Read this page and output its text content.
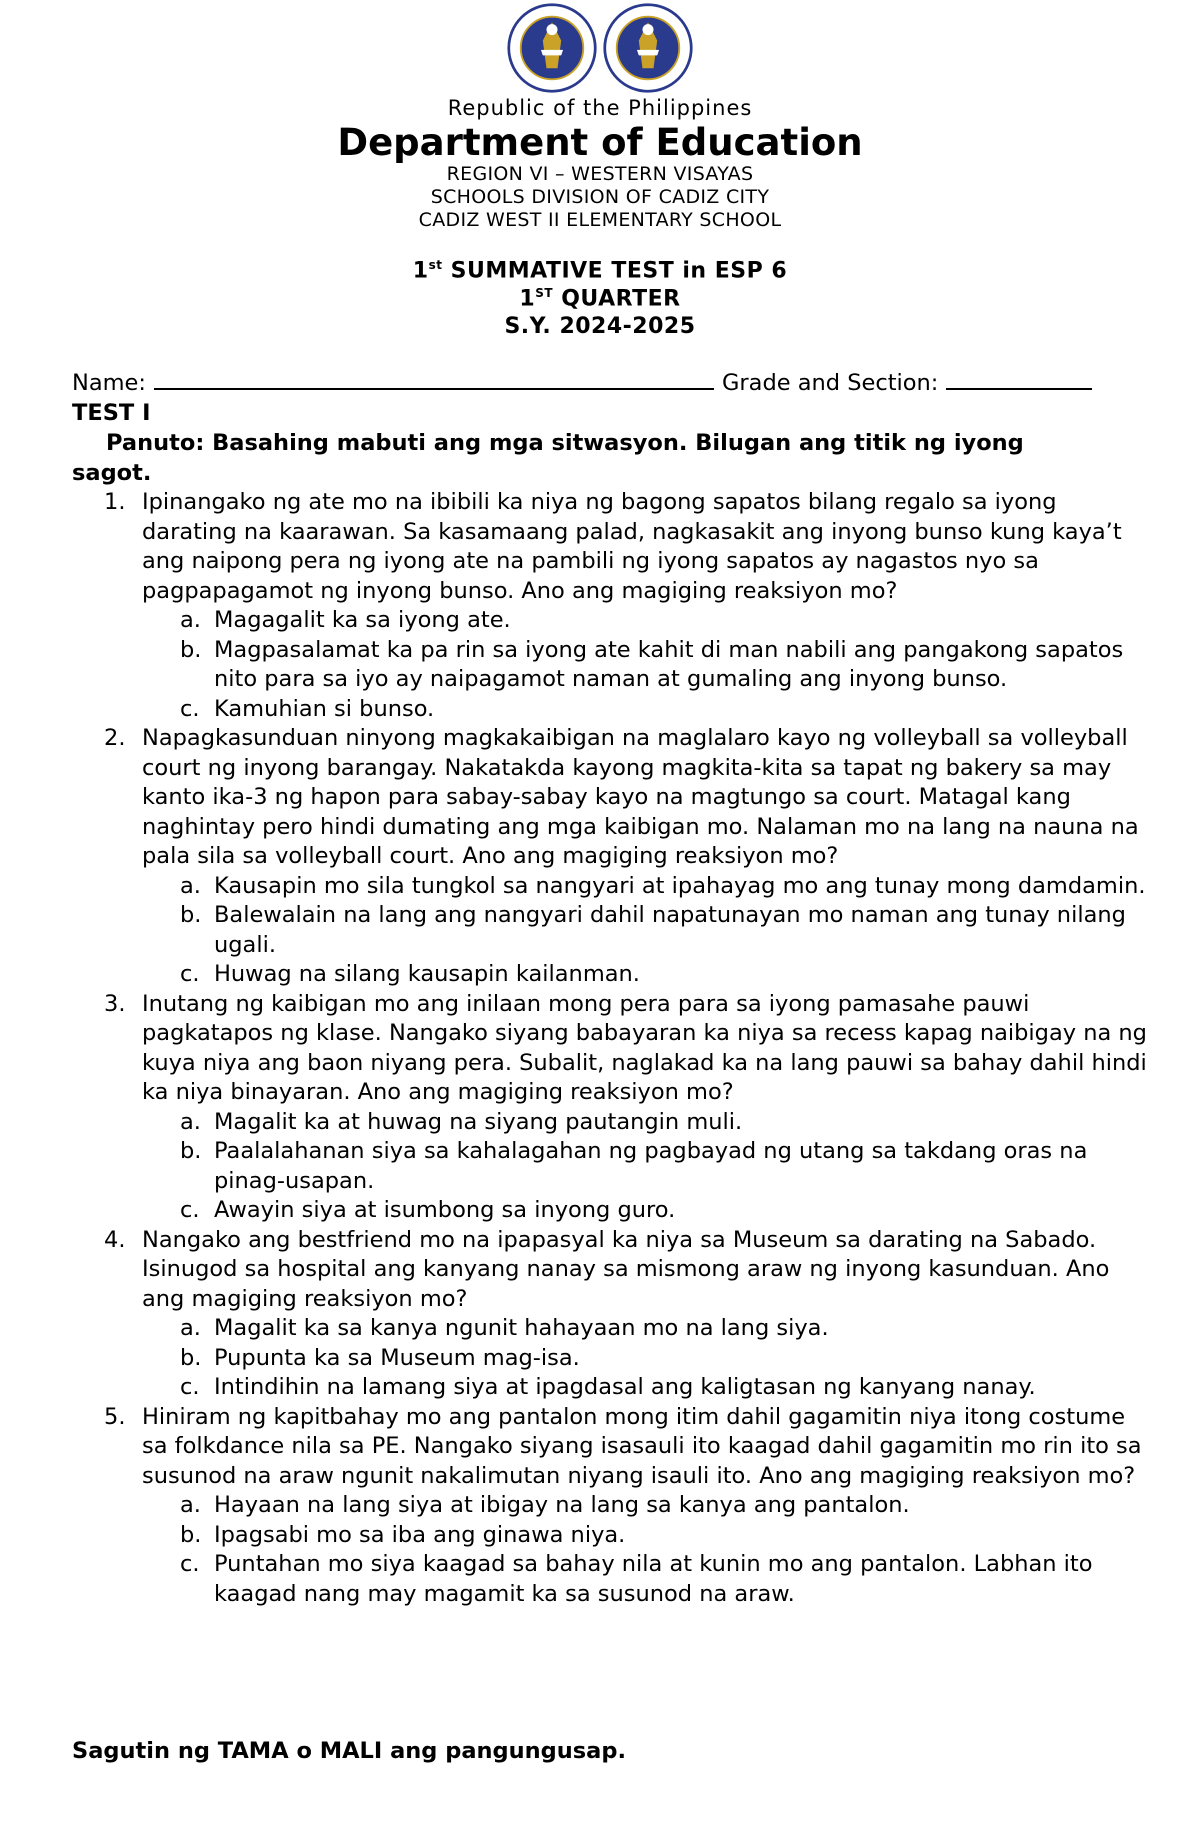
Republic of the Philippines
Department of Education
REGION VI – WESTERN VISAYAS
SCHOOLS DIVISION OF CADIZ CITY
CADIZ WEST II ELEMENTARY SCHOOL
1st SUMMATIVE TEST in ESP 6
1ST QUARTER
S.Y. 2024-2025
Name:	Grade and Section:
TEST I
Panuto: Basahing mabuti ang mga sitwasyon. Bilugan ang titik ng iyong sagot.
1. Ipinangako ng ate mo na ibibili ka niya ng bagong sapatos bilang regalo sa iyong darating na kaarawan. Sa kasamaang palad, nagkasakit ang inyong bunso kung kaya’t ang naipong pera ng iyong ate na pambili ng iyong sapatos ay nagastos nyo sa pagpapagamot ng inyong bunso. Ano ang magiging reaksiyon mo?
a. Magagalit ka sa iyong ate.
b. Magpasalamat ka pa rin sa iyong ate kahit di man nabili ang pangakong sapatos nito para sa iyo ay naipagamot naman at gumaling ang inyong bunso.
c. Kamuhian si bunso.
2. Napagkasunduan ninyong magkakaibigan na maglalaro kayo ng volleyball sa volleyball court ng inyong barangay. Nakatakda kayong magkita-kita sa tapat ng bakery sa may kanto ika-3 ng hapon para sabay-sabay kayo na magtungo sa court. Matagal kang naghintay pero hindi dumating ang mga kaibigan mo. Nalaman mo na lang na nauna na pala sila sa volleyball court. Ano ang magiging reaksiyon mo?
a. Kausapin mo sila tungkol sa nangyari at ipahayag mo ang tunay mong damdamin.
b. Balewalain na lang ang nangyari dahil napatunayan mo naman ang tunay nilang ugali.
c. Huwag na silang kausapin kailanman.
3. Inutang ng kaibigan mo ang inilaan mong pera para sa iyong pamasahe pauwi pagkatapos ng klase. Nangako siyang babayaran ka niya sa recess kapag naibigay na ng kuya niya ang baon niyang pera. Subalit, naglakad ka na lang pauwi sa bahay dahil hindi ka niya binayaran. Ano ang magiging reaksiyon mo?
a. Magalit ka at huwag na siyang pautangin muli.
b. Paalalahanan siya sa kahalagahan ng pagbayad ng utang sa takdang oras na pinag-usapan.
c. Awayin siya at isumbong sa inyong guro.
4. Nangako ang bestfriend mo na ipapasyal ka niya sa Museum sa darating na Sabado. Isinugod sa hospital ang kanyang nanay sa mismong araw ng inyong kasunduan. Ano ang magiging reaksiyon mo?
a. Magalit ka sa kanya ngunit hahayaan mo na lang siya.
b. Pupunta ka sa Museum mag-isa.
c. Intindihin na lamang siya at ipagdasal ang kaligtasan ng kanyang nanay.
5. Hiniram ng kapitbahay mo ang pantalon mong itim dahil gagamitin niya itong costume sa folkdance nila sa PE. Nangako siyang isasauli ito kaagad dahil gagamitin mo rin ito sa susunod na araw ngunit nakalimutan niyang isauli ito. Ano ang magiging reaksiyon mo?
a. Hayaan na lang siya at ibigay na lang sa kanya ang pantalon.
b. Ipagsabi mo sa iba ang ginawa niya.
c. Puntahan mo siya kaagad sa bahay nila at kunin mo ang pantalon. Labhan ito kaagad nang may magamit ka sa susunod na araw.
Sagutin ng TAMA o MALI ang pangungusap.
